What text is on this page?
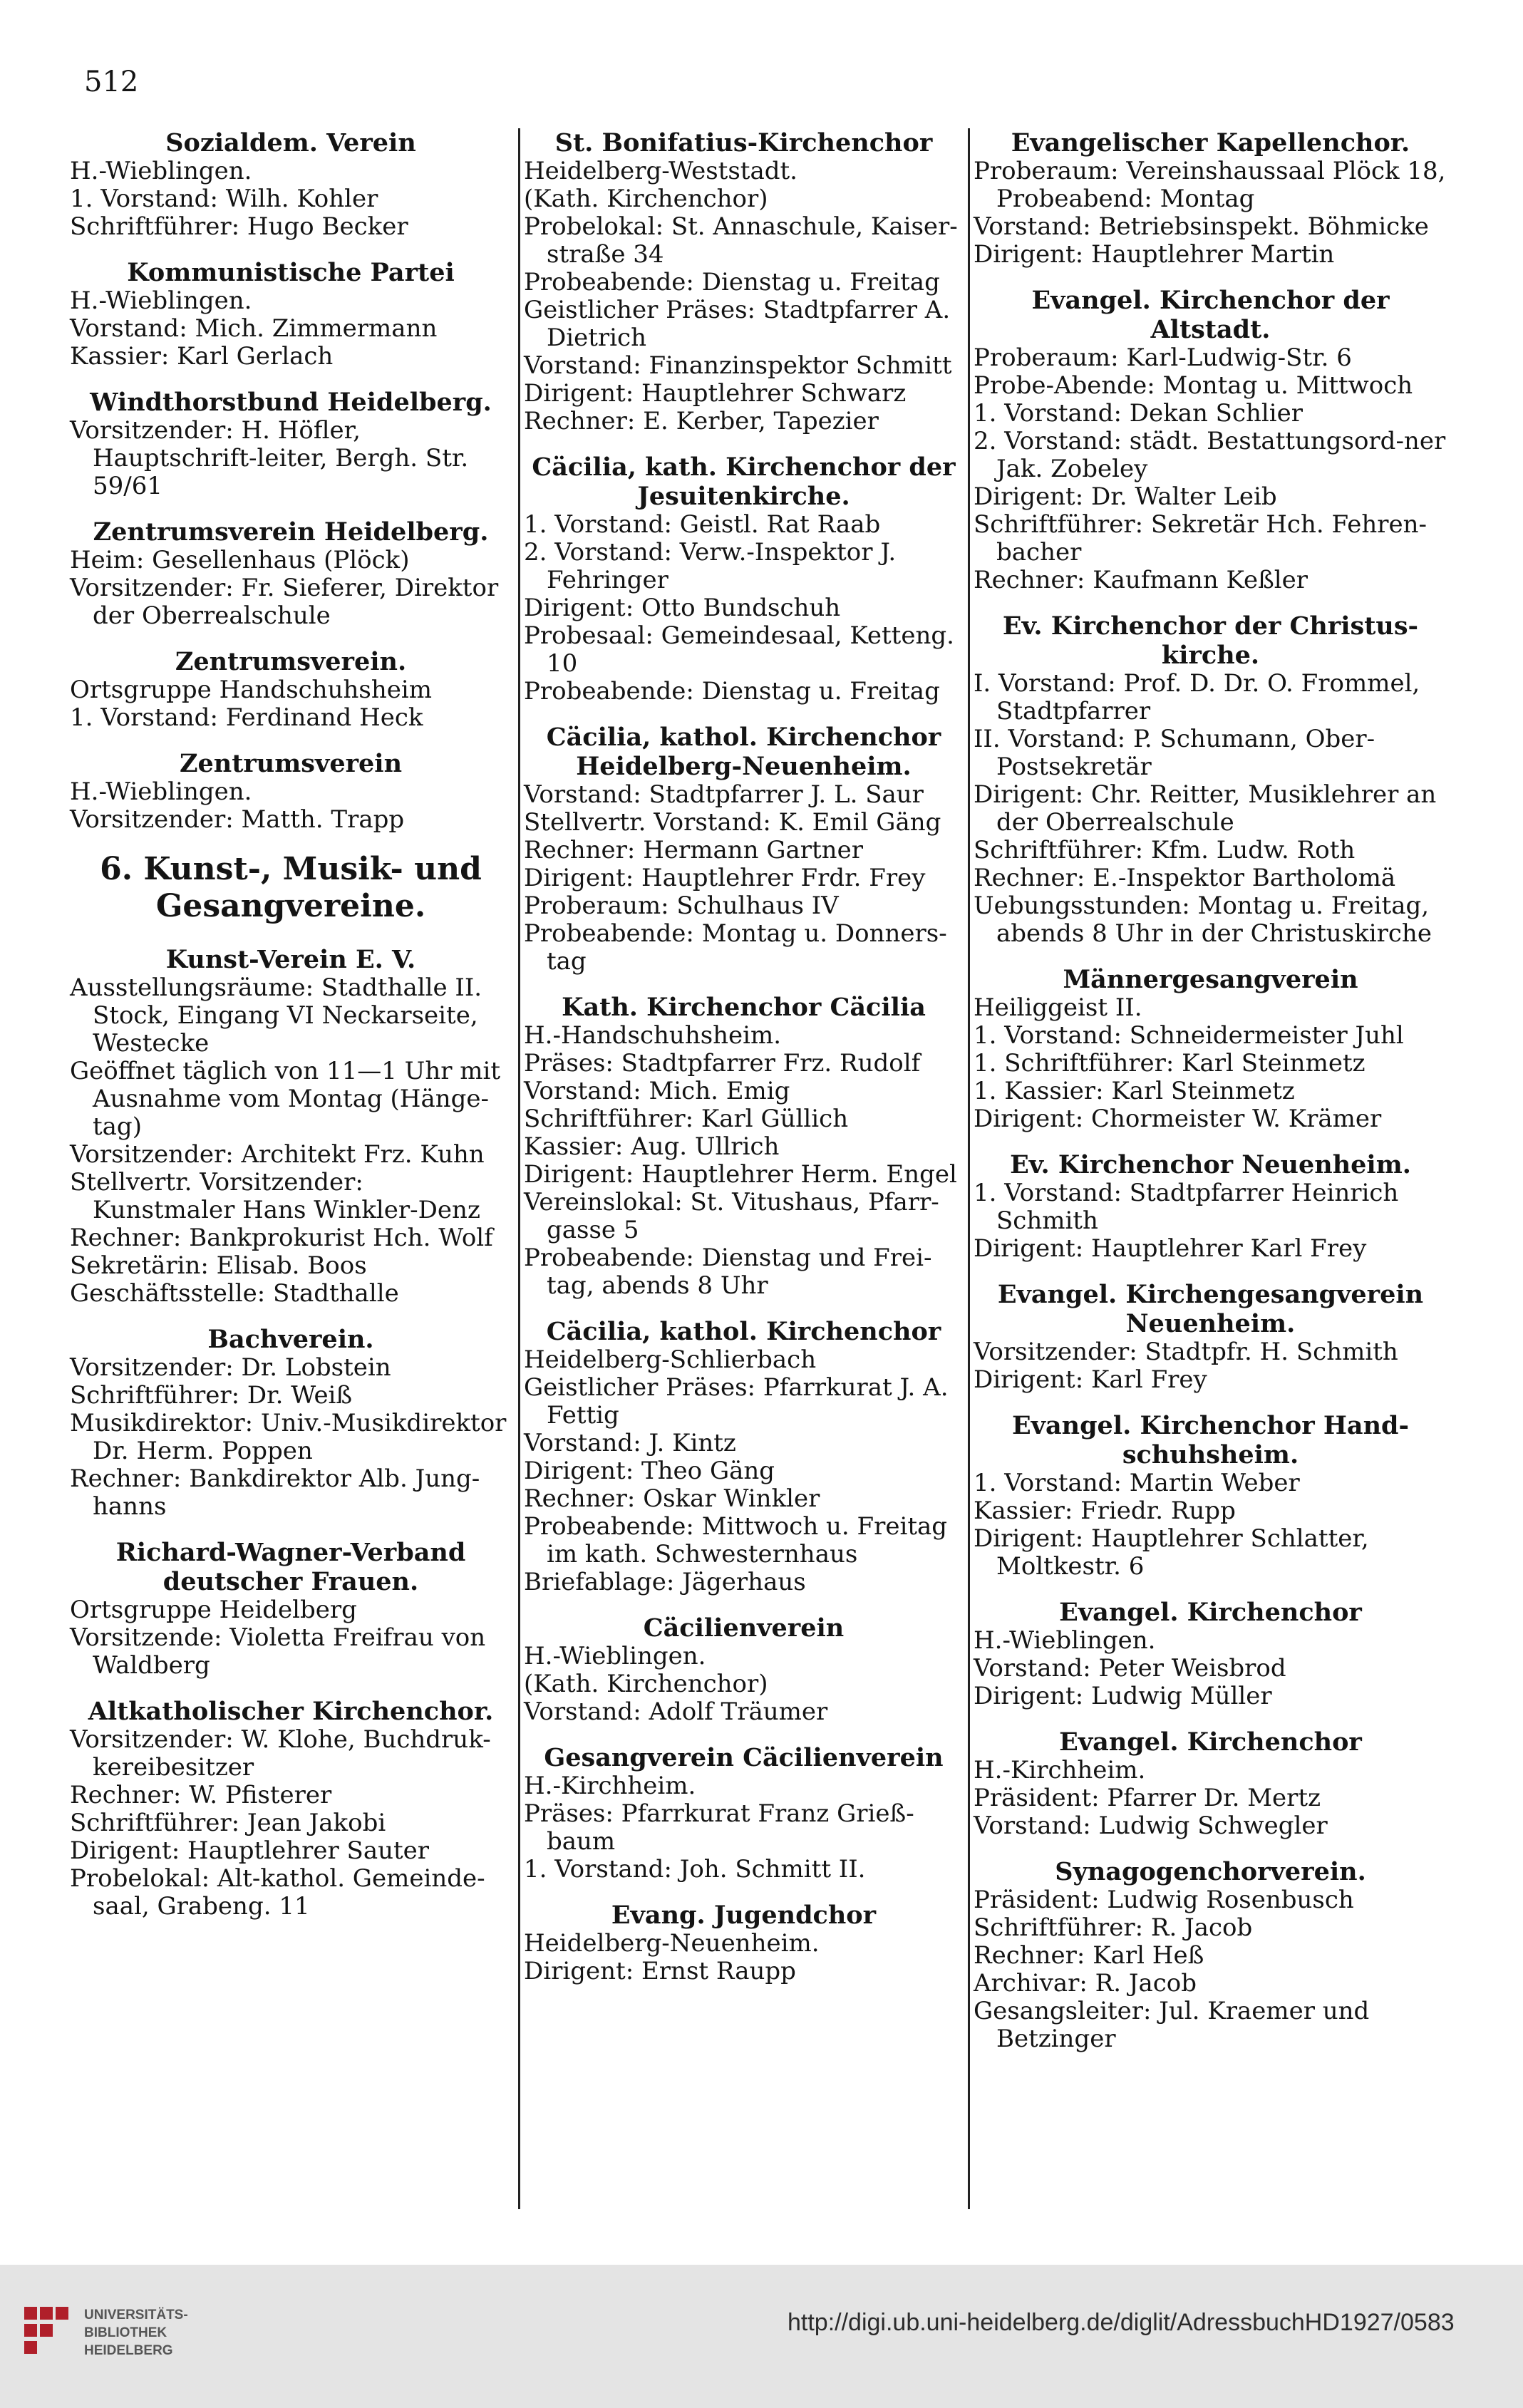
512
Sozialdem. Verein
H.-Wieblingen.
1. Vorstand: Wilh. Kohler
Schriftführer: Hugo Becker
Kommunistische Partei
H.-Wieblingen.
Vorstand: Mich. Zimmermann
Kassier: Karl Gerlach
Windthorstbund Heidelberg.
Vorsitzender: H. Höfler, Hauptschrift-leiter, Bergh. Str. 59/61
Zentrumsverein Heidelberg.
Heim: Gesellenhaus (Plöck)
Vorsitzender: Fr. Sieferer, Direktor der Oberrealschule
Zentrumsverein.
Ortsgruppe Handschuhsheim
1. Vorstand: Ferdinand Heck
Zentrumsverein
H.-Wieblingen.
Vorsitzender: Matth. Trapp
6. Kunst-, Musik- und Gesangvereine.
Kunst-Verein E. V.
Ausstellungsräume: Stadthalle II. Stock, Eingang VI Neckarseite, Westecke
Geöffnet täglich von 11—1 Uhr mit Ausnahme vom Montag (Hänge-tag)
Vorsitzender: Architekt Frz. Kuhn
Stellvertr. Vorsitzender: Kunstmaler Hans Winkler-Denz
Rechner: Bankprokurist Hch. Wolf
Sekretärin: Elisab. Boos
Geschäftsstelle: Stadthalle
Bachverein.
Vorsitzender: Dr. Lobstein
Schriftführer: Dr. Weiß
Musikdirektor: Univ.-Musikdirektor Dr. Herm. Poppen
Rechner: Bankdirektor Alb. Jung-hanns
Richard-Wagner-Verband deutscher Frauen.
Ortsgruppe Heidelberg
Vorsitzende: Violetta Freifrau von Waldberg
Altkatholischer Kirchenchor.
Vorsitzender: W. Klohe, Buchdruk-kereibesitzer
Rechner: W. Pfisterer
Schriftführer: Jean Jakobi
Dirigent: Hauptlehrer Sauter
Probelokal: Alt-kathol. Gemeinde-saal, Grabeng. 11
St. Bonifatius-Kirchenchor
Heidelberg-Weststadt.
(Kath. Kirchenchor)
Probelokal: St. Annaschule, Kaiser-straße 34
Probeabende: Dienstag u. Freitag
Geistlicher Präses: Stadtpfarrer A. Dietrich
Vorstand: Finanzinspektor Schmitt
Dirigent: Hauptlehrer Schwarz
Rechner: E. Kerber, Tapezier
Cäcilia, kath. Kirchenchor der Jesuitenkirche.
1. Vorstand: Geistl. Rat Raab
2. Vorstand: Verw.-Inspektor J. Fehringer
Dirigent: Otto Bundschuh
Probesaal: Gemeindesaal, Ketteng. 10
Probeabende: Dienstag u. Freitag
Cäcilia, kathol. Kirchenchor Heidelberg-Neuenheim.
Vorstand: Stadtpfarrer J. L. Saur
Stellvertr. Vorstand: K. Emil Gäng
Rechner: Hermann Gartner
Dirigent: Hauptlehrer Frdr. Frey
Proberaum: Schulhaus IV
Probeabende: Montag u. Donners-tag
Kath. Kirchenchor Cäcilia
H.-Handschuhsheim.
Präses: Stadtpfarrer Frz. Rudolf
Vorstand: Mich. Emig
Schriftführer: Karl Güllich
Kassier: Aug. Ullrich
Dirigent: Hauptlehrer Herm. Engel
Vereinslokal: St. Vitushaus, Pfarr-gasse 5
Probeabende: Dienstag und Frei-tag, abends 8 Uhr
Cäcilia, kathol. Kirchenchor
Heidelberg-Schlierbach
Geistlicher Präses: Pfarrkurat J. A. Fettig
Vorstand: J. Kintz
Dirigent: Theo Gäng
Rechner: Oskar Winkler
Probeabende: Mittwoch u. Freitag im kath. Schwesternhaus
Briefablage: Jägerhaus
Cäcilienverein
H.-Wieblingen.
(Kath. Kirchenchor)
Vorstand: Adolf Träumer
Gesangverein Cäcilienverein
H.-Kirchheim.
Präses: Pfarrkurat Franz Grieß-baum
1. Vorstand: Joh. Schmitt II.
Evang. Jugendchor
Heidelberg-Neuenheim.
Dirigent: Ernst Raupp
Evangelischer Kapellenchor.
Proberaum: Vereinshaussaal Plöck 18, Probeabend: Montag
Vorstand: Betriebsinspekt. Böhmicke
Dirigent: Hauptlehrer Martin
Evangel. Kirchenchor der Altstadt.
Proberaum: Karl-Ludwig-Str. 6
Probe-Abende: Montag u. Mittwoch
1. Vorstand: Dekan Schlier
2. Vorstand: städt. Bestattungsord-ner Jak. Zobeley
Dirigent: Dr. Walter Leib
Schriftführer: Sekretär Hch. Fehren-bacher
Rechner: Kaufmann Keßler
Ev. Kirchenchor der Christus-kirche.
I. Vorstand: Prof. D. Dr. O. Frommel, Stadtpfarrer
II. Vorstand: P. Schumann, Ober-Postsekretär
Dirigent: Chr. Reitter, Musiklehrer an der Oberrealschule
Schriftführer: Kfm. Ludw. Roth
Rechner: E.-Inspektor Bartholomä
Uebungsstunden: Montag u. Freitag, abends 8 Uhr in der Christuskirche
Männergesangverein
Heiliggeist II.
1. Vorstand: Schneidermeister Juhl
1. Schriftführer: Karl Steinmetz
1. Kassier: Karl Steinmetz
Dirigent: Chormeister W. Krämer
Ev. Kirchenchor Neuenheim.
1. Vorstand: Stadtpfarrer Heinrich Schmith
Dirigent: Hauptlehrer Karl Frey
Evangel. Kirchengesangverein Neuenheim.
Vorsitzender: Stadtpfr. H. Schmith
Dirigent: Karl Frey
Evangel. Kirchenchor Hand-schuhsheim.
1. Vorstand: Martin Weber
Kassier: Friedr. Rupp
Dirigent: Hauptlehrer Schlatter, Moltkestr. 6
Evangel. Kirchenchor
H.-Wieblingen.
Vorstand: Peter Weisbrod
Dirigent: Ludwig Müller
Evangel. Kirchenchor
H.-Kirchheim.
Präsident: Pfarrer Dr. Mertz
Vorstand: Ludwig Schwegler
Synagogenchorverein.
Präsident: Ludwig Rosenbusch
Schriftführer: R. Jacob
Rechner: Karl Heß
Archivar: R. Jacob
Gesangsleiter: Jul. Kraemer und Betzinger
UNIVERSITÄTS-
BIBLIOTHEK
HEIDELBERG
http://digi.ub.uni-heidelberg.de/diglit/AdressbuchHD1927/0583
